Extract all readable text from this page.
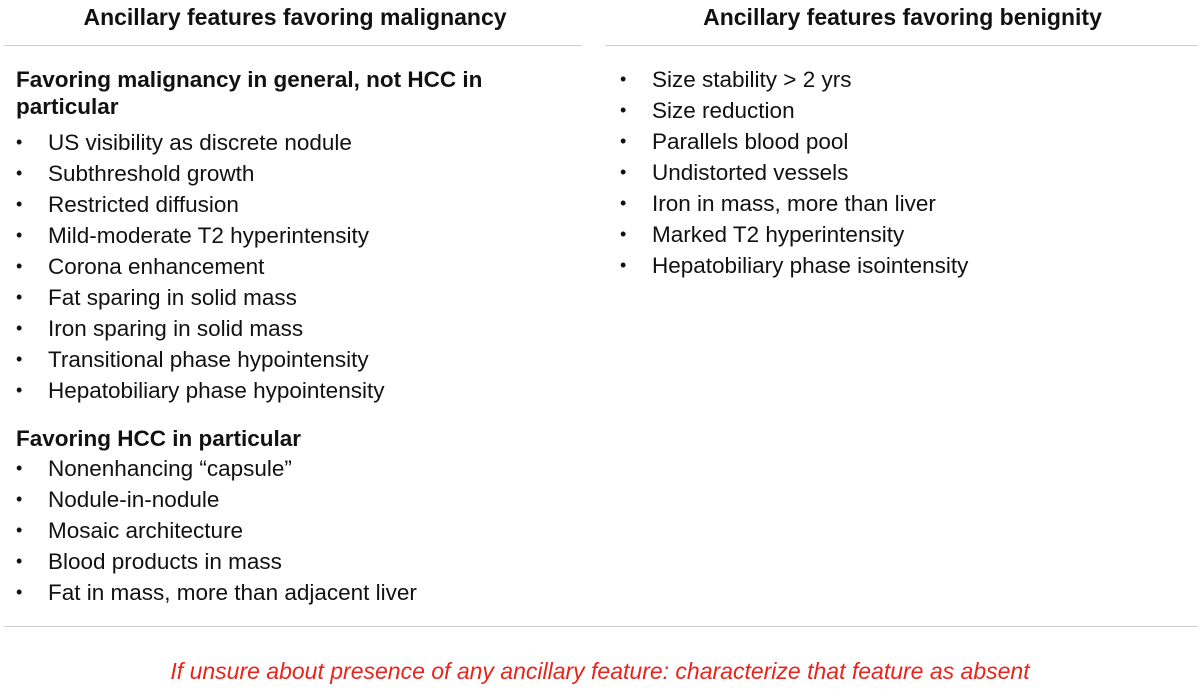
Ancillary features favoring malignancy	Ancillary features favoring benignity
Favoring malignancy in general, not HCC in particular
• US visibility as discrete nodule
• Subthreshold growth
• Restricted diffusion
• Mild-moderate T2 hyperintensity
• Corona enhancement
• Fat sparing in solid mass
• Iron sparing in solid mass
• Transitional phase hypointensity
• Hepatobiliary phase hypointensity
Favoring HCC in particular
• Nonenhancing “capsule”
• Nodule-in-nodule
• Mosaic architecture
• Blood products in mass
• Fat in mass, more than adjacent liver
• Size stability > 2 yrs
• Size reduction
• Parallels blood pool
• Undistorted vessels
• Iron in mass, more than liver
• Marked T2 hyperintensity
• Hepatobiliary phase isointensity
If unsure about presence of any ancillary feature: characterize that feature as absent
